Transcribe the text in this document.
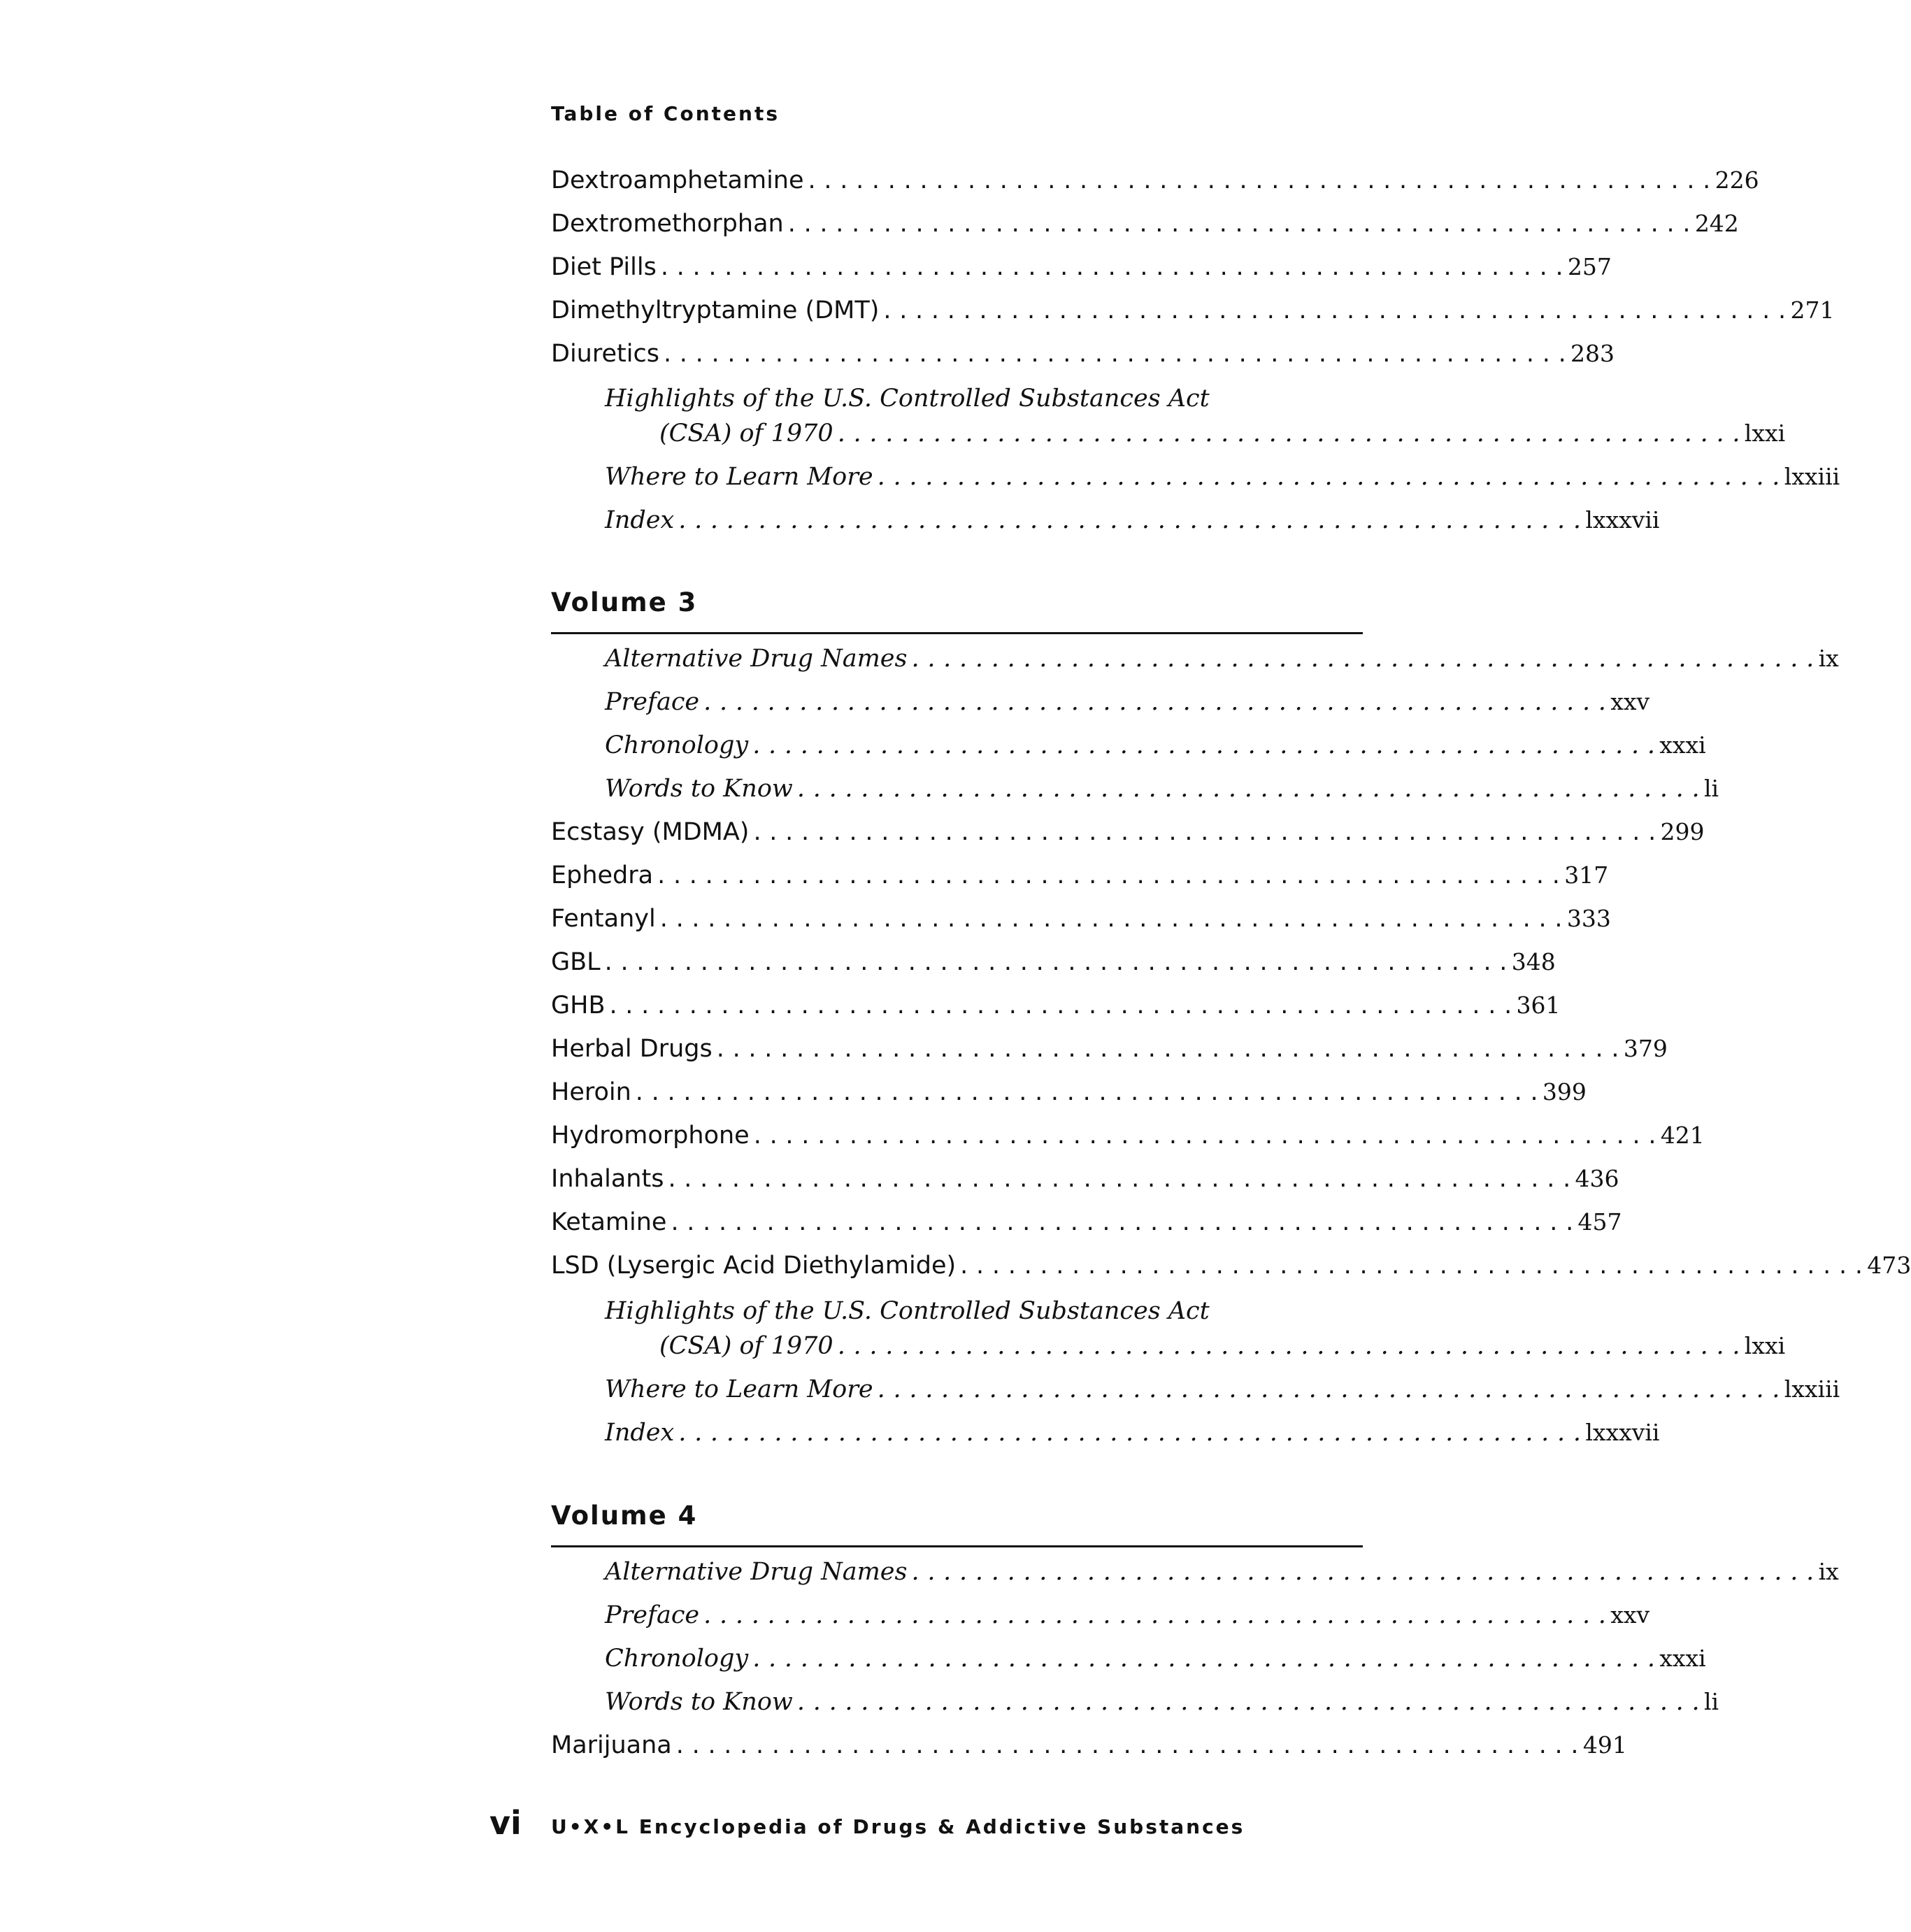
Table of Contents
Dextroamphetamine . . . . . . . . . . . . . . . . . . . . . . . . . . . . . . . . . . . . . . . . . . . . . . . . . . . . . . . . . 226
Dextromethorphan . . . . . . . . . . . . . . . . . . . . . . . . . . . . . . . . . . . . . . . . . . . . . . . . . . . . . . . . . 242
Diet Pills . . . . . . . . . . . . . . . . . . . . . . . . . . . . . . . . . . . . . . . . . . . . . . . . . . . . . . . . . 257
Dimethyltryptamine (DMT) . . . . . . . . . . . . . . . . . . . . . . . . . . . . . . . . . . . . . . . . . . . . . . . . . . . . . . . . . 271
Diuretics . . . . . . . . . . . . . . . . . . . . . . . . . . . . . . . . . . . . . . . . . . . . . . . . . . . . . . . . . 283
Highlights of the U.S. Controlled Substances Act
(CSA) of 1970 . . . . . . . . . . . . . . . . . . . . . . . . . . . . . . . . . . . . . . . . . . . . . . . . . . . . . . . . . lxxi
Where to Learn More . . . . . . . . . . . . . . . . . . . . . . . . . . . . . . . . . . . . . . . . . . . . . . . . . . . . . . . . . lxxiii
Index . . . . . . . . . . . . . . . . . . . . . . . . . . . . . . . . . . . . . . . . . . . . . . . . . . . . . . . . . lxxxvii
Volume 3
Alternative Drug Names . . . . . . . . . . . . . . . . . . . . . . . . . . . . . . . . . . . . . . . . . . . . . . . . . . . . . . . . . ix
Preface . . . . . . . . . . . . . . . . . . . . . . . . . . . . . . . . . . . . . . . . . . . . . . . . . . . . . . . . . xxv
Chronology . . . . . . . . . . . . . . . . . . . . . . . . . . . . . . . . . . . . . . . . . . . . . . . . . . . . . . . . . xxxi
Words to Know . . . . . . . . . . . . . . . . . . . . . . . . . . . . . . . . . . . . . . . . . . . . . . . . . . . . . . . . . li
Ecstasy (MDMA) . . . . . . . . . . . . . . . . . . . . . . . . . . . . . . . . . . . . . . . . . . . . . . . . . . . . . . . . . 299
Ephedra . . . . . . . . . . . . . . . . . . . . . . . . . . . . . . . . . . . . . . . . . . . . . . . . . . . . . . . . . 317
Fentanyl . . . . . . . . . . . . . . . . . . . . . . . . . . . . . . . . . . . . . . . . . . . . . . . . . . . . . . . . . 333
GBL . . . . . . . . . . . . . . . . . . . . . . . . . . . . . . . . . . . . . . . . . . . . . . . . . . . . . . . . . 348
GHB . . . . . . . . . . . . . . . . . . . . . . . . . . . . . . . . . . . . . . . . . . . . . . . . . . . . . . . . . 361
Herbal Drugs . . . . . . . . . . . . . . . . . . . . . . . . . . . . . . . . . . . . . . . . . . . . . . . . . . . . . . . . . 379
Heroin . . . . . . . . . . . . . . . . . . . . . . . . . . . . . . . . . . . . . . . . . . . . . . . . . . . . . . . . . 399
Hydromorphone . . . . . . . . . . . . . . . . . . . . . . . . . . . . . . . . . . . . . . . . . . . . . . . . . . . . . . . . . 421
Inhalants . . . . . . . . . . . . . . . . . . . . . . . . . . . . . . . . . . . . . . . . . . . . . . . . . . . . . . . . . 436
Ketamine . . . . . . . . . . . . . . . . . . . . . . . . . . . . . . . . . . . . . . . . . . . . . . . . . . . . . . . . . 457
LSD (Lysergic Acid Diethylamide) . . . . . . . . . . . . . . . . . . . . . . . . . . . . . . . . . . . . . . . . . . . . . . . . . . . . . . . . . 473
Highlights of the U.S. Controlled Substances Act
(CSA) of 1970 . . . . . . . . . . . . . . . . . . . . . . . . . . . . . . . . . . . . . . . . . . . . . . . . . . . . . . . . . lxxi
Where to Learn More . . . . . . . . . . . . . . . . . . . . . . . . . . . . . . . . . . . . . . . . . . . . . . . . . . . . . . . . . lxxiii
Index . . . . . . . . . . . . . . . . . . . . . . . . . . . . . . . . . . . . . . . . . . . . . . . . . . . . . . . . . lxxxvii
Volume 4
Alternative Drug Names . . . . . . . . . . . . . . . . . . . . . . . . . . . . . . . . . . . . . . . . . . . . . . . . . . . . . . . . . ix
Preface . . . . . . . . . . . . . . . . . . . . . . . . . . . . . . . . . . . . . . . . . . . . . . . . . . . . . . . . . xxv
Chronology . . . . . . . . . . . . . . . . . . . . . . . . . . . . . . . . . . . . . . . . . . . . . . . . . . . . . . . . . xxxi
Words to Know . . . . . . . . . . . . . . . . . . . . . . . . . . . . . . . . . . . . . . . . . . . . . . . . . . . . . . . . . li
Marijuana . . . . . . . . . . . . . . . . . . . . . . . . . . . . . . . . . . . . . . . . . . . . . . . . . . . . . . . . . 491
vi U•X•L Encyclopedia of Drugs & Addictive Substances
